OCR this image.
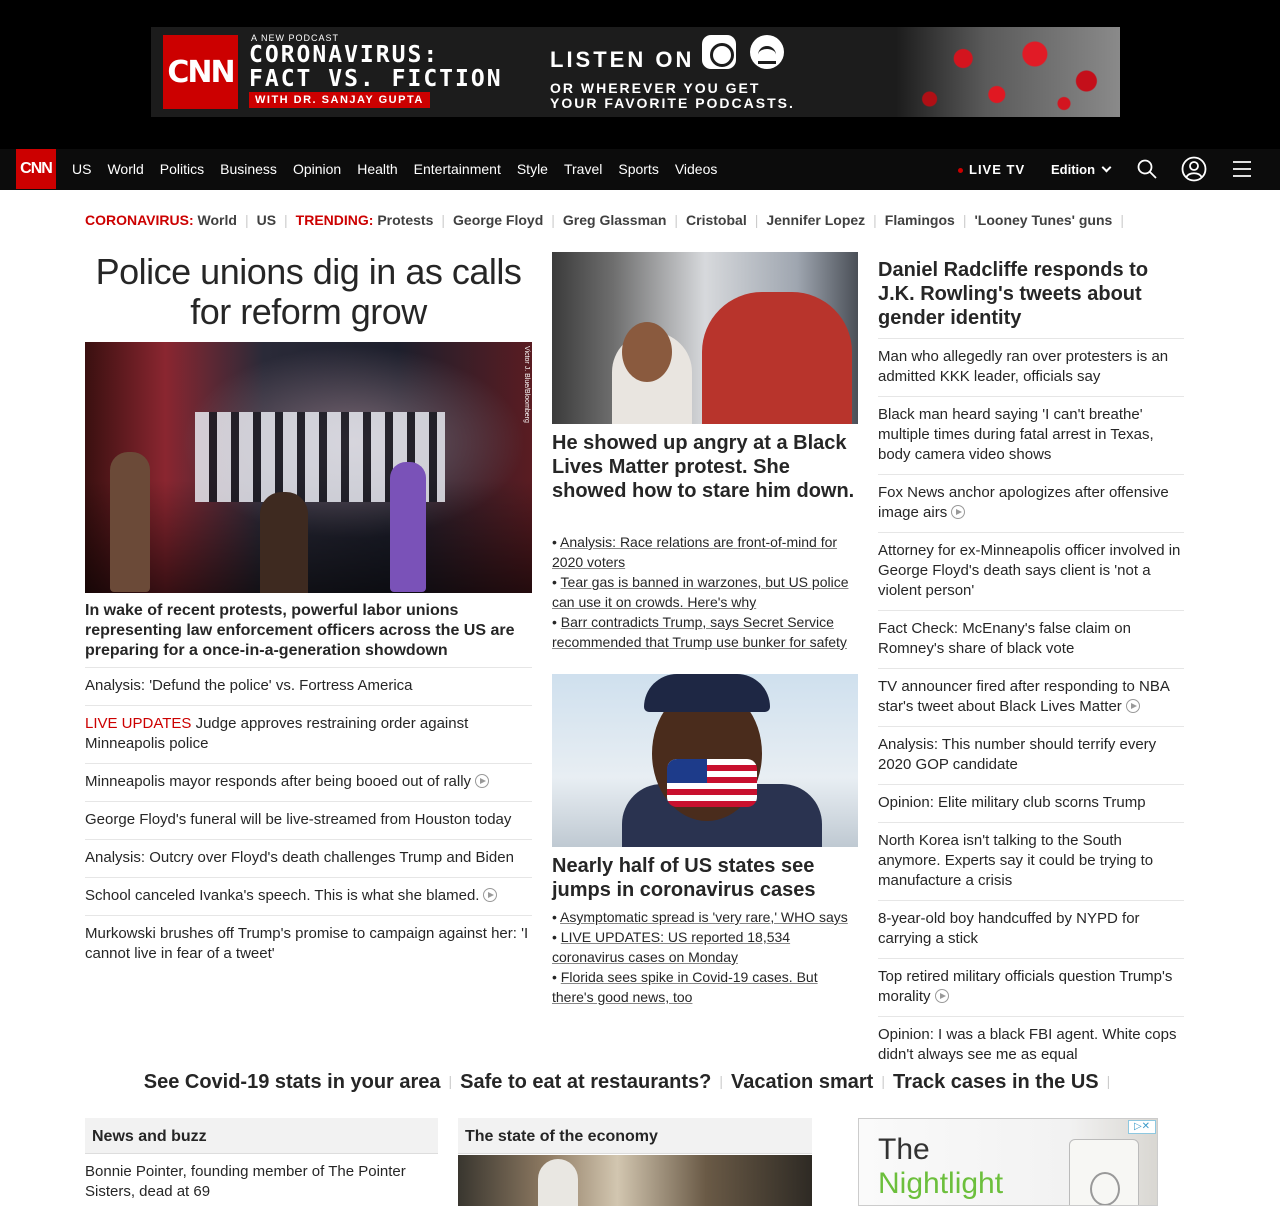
CNN
A NEW PODCAST
CORONAVIRUS:
FACT VS. FICTION
WITH DR. SANJAY GUPTA
LISTEN ON
OR WHEREVER YOU GET
YOUR FAVORITE PODCASTS.
CNN US World Politics Business Opinion Health Entertainment Style Travel Sports Videos	LIVE TV Edition
CORONAVIRUS: World | US | TRENDING: Protests | George Floyd | Greg Glassman | Cristobal | Jennifer Lopez | Flamingos | 'Looney Tunes' guns |
Police unions dig in as calls for reform grow
Victor J. Blue/Bloomberg
In wake of recent protests, powerful labor unions representing law enforcement officers across the US are preparing for a once-in-a-generation showdown
Analysis: 'Defund the police' vs. Fortress America
LIVE UPDATES Judge approves restraining order against Minneapolis police
Minneapolis mayor responds after being booed out of rally
George Floyd's funeral will be live-streamed from Houston today
Analysis: Outcry over Floyd's death challenges Trump and Biden
School canceled Ivanka's speech. This is what she blamed.
Murkowski brushes off Trump's promise to campaign against her: 'I cannot live in fear of a tweet'
He showed up angry at a Black Lives Matter protest. She showed how to stare him down.
• Analysis: Race relations are front-of-mind for 2020 voters
• Tear gas is banned in warzones, but US police can use it on crowds. Here's why
• Barr contradicts Trump, says Secret Service recommended that Trump use bunker for safety
Nearly half of US states see jumps in coronavirus cases
• Asymptomatic spread is 'very rare,' WHO says
• LIVE UPDATES: US reported 18,534 coronavirus cases on Monday
• Florida sees spike in Covid-19 cases. But there's good news, too
Daniel Radcliffe responds to J.K. Rowling's tweets about gender identity
Man who allegedly ran over protesters is an admitted KKK leader, officials say
Black man heard saying 'I can't breathe' multiple times during fatal arrest in Texas, body camera video shows
Fox News anchor apologizes after offensive image airs
Attorney for ex-Minneapolis officer involved in George Floyd's death says client is 'not a violent person'
Fact Check: McEnany's false claim on Romney's share of black vote
TV announcer fired after responding to NBA star's tweet about Black Lives Matter
Analysis: This number should terrify every 2020 GOP candidate
Opinion: Elite military club scorns Trump
North Korea isn't talking to the South anymore. Experts say it could be trying to manufacture a crisis
8-year-old boy handcuffed by NYPD for carrying a stick
Top retired military officials question Trump's morality
Opinion: I was a black FBI agent. White cops didn't always see me as equal
See Covid-19 stats in your area | Safe to eat at restaurants? | Vacation smart | Track cases in the US |
News and buzz
Bonnie Pointer, founding member of The Pointer Sisters, dead at 69
The state of the economy	The
Nightlight
▷✕
